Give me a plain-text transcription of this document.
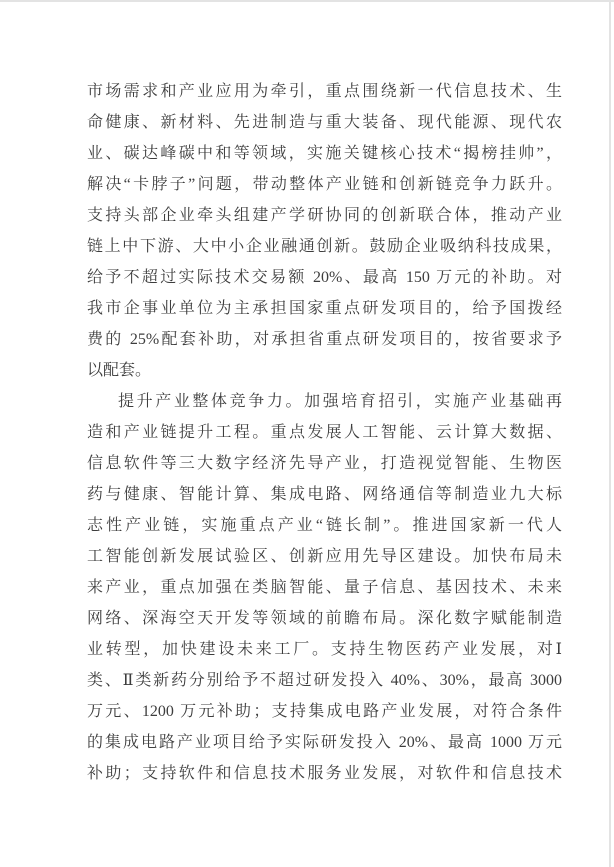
市场需求和产业应用为牵引，重点围绕新一代信息技术、生
命健康、新材料、先进制造与重大装备、现代能源、现代农
业、碳达峰碳中和等领域，实施关键核心技术“揭榜挂帅”，
解决“卡脖子”问题，带动整体产业链和创新链竞争力跃升。
支持头部企业牵头组建产学研协同的创新联合体，推动产业
链上中下游、大中小企业融通创新。鼓励企业吸纳科技成果，
给予不超过实际技术交易额 20%、最高 150 万元的补助。对
我市企事业单位为主承担国家重点研发项目的，给予国拨经
费的 25%配套补助，对承担省重点研发项目的，按省要求予
以配套。
提升产业整体竞争力。加强培育招引，实施产业基础再
造和产业链提升工程。重点发展人工智能、云计算大数据、
信息软件等三大数字经济先导产业，打造视觉智能、生物医
药与健康、智能计算、集成电路、网络通信等制造业九大标
志性产业链，实施重点产业“链长制”。推进国家新一代人
工智能创新发展试验区、创新应用先导区建设。加快布局未
来产业，重点加强在类脑智能、量子信息、基因技术、未来
网络、深海空天开发等领域的前瞻布局。深化数字赋能制造
业转型，加快建设未来工厂。支持生物医药产业发展，对Ⅰ
类、Ⅱ类新药分别给予不超过研发投入 40%、30%，最高 3000
万元、1200 万元补助；支持集成电路产业发展，对符合条件
的集成电路产业项目给予实际研发投入 20%、最高 1000 万元
补助；支持软件和信息技术服务业发展，对软件和信息技术
